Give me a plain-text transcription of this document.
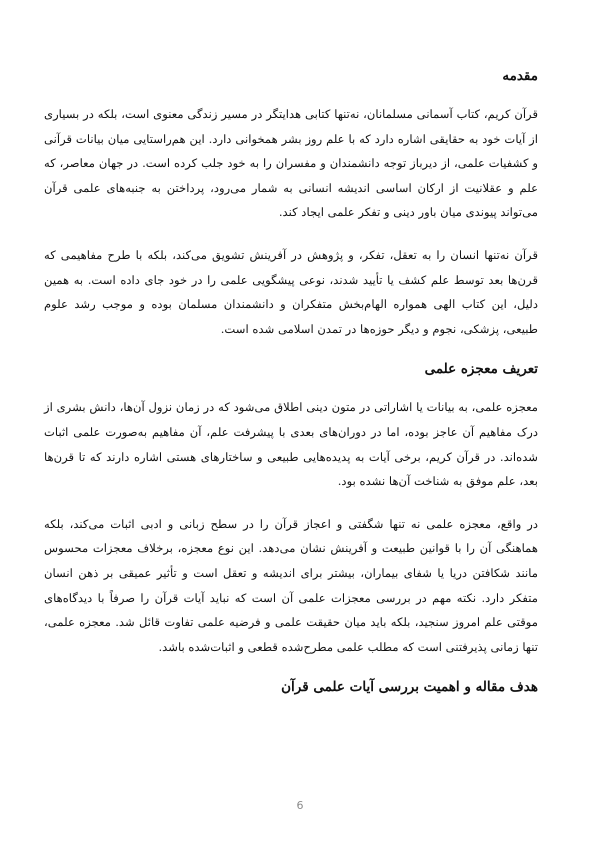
مقدمه

قرآن کریم، کتاب آسمانی مسلمانان، نه‌تنها کتابی هدایتگر در مسیر زندگی معنوی است، بلکه در بسیاری از آیات خود به حقایقی اشاره دارد که با علم روز بشر همخوانی دارد. این هم‌راستایی میان بیانات قرآنی و کشفیات علمی، از دیرباز توجه دانشمندان و مفسران را به خود جلب کرده است. در جهان معاصر، که علم و عقلانیت از ارکان اساسی اندیشه انسانی به شمار می‌رود، پرداختن به جنبه‌های علمی قرآن می‌تواند پیوندی میان باور دینی و تفکر علمی ایجاد کند.

قرآن نه‌تنها انسان را به تعقل، تفکر، و پژوهش در آفرینش تشویق می‌کند، بلکه با طرح مفاهیمی که قرن‌ها بعد توسط علم کشف یا تأیید شدند، نوعی پیشگویی علمی را در خود جای داده است. به همین دلیل، این کتاب الهی همواره الهام‌بخش متفکران و دانشمندان مسلمان بوده و موجب رشد علوم طبیعی، پزشکی، نجوم و دیگر حوزه‌ها در تمدن اسلامی شده است.

تعریف معجزه علمی

معجزه علمی، به بیانات یا اشاراتی در متون دینی اطلاق می‌شود که در زمان نزول آن‌ها، دانش بشری از درک مفاهیم آن عاجز بوده، اما در دوران‌های بعدی با پیشرفت علم، آن مفاهیم به‌صورت علمی اثبات شده‌اند. در قرآن کریم، برخی آیات به پدیده‌هایی طبیعی و ساختارهای هستی اشاره دارند که تا قرن‌ها بعد، علم موفق به شناخت آن‌ها نشده بود.

در واقع، معجزه علمی نه تنها شگفتی و اعجاز قرآن را در سطح زبانی و ادبی اثبات می‌کند، بلکه هماهنگی آن را با قوانین طبیعت و آفرینش نشان می‌دهد. این نوع معجزه، برخلاف معجزات محسوس مانند شکافتن دریا یا شفای بیماران، بیشتر برای اندیشه و تعقل است و تأثیر عمیقی بر ذهن انسان متفکر دارد. نکته مهم در بررسی معجزات علمی آن است که نباید آیات قرآن را صرفاً با دیدگاه‌های موقتی علم امروز سنجید، بلکه باید میان حقیقت علمی و فرضیه علمی تفاوت قائل شد. معجزه علمی، تنها زمانی پذیرفتنی است که مطلب علمی مطرح‌شده قطعی و اثبات‌شده باشد.

هدف مقاله و اهمیت بررسی آیات علمی قرآن
6
